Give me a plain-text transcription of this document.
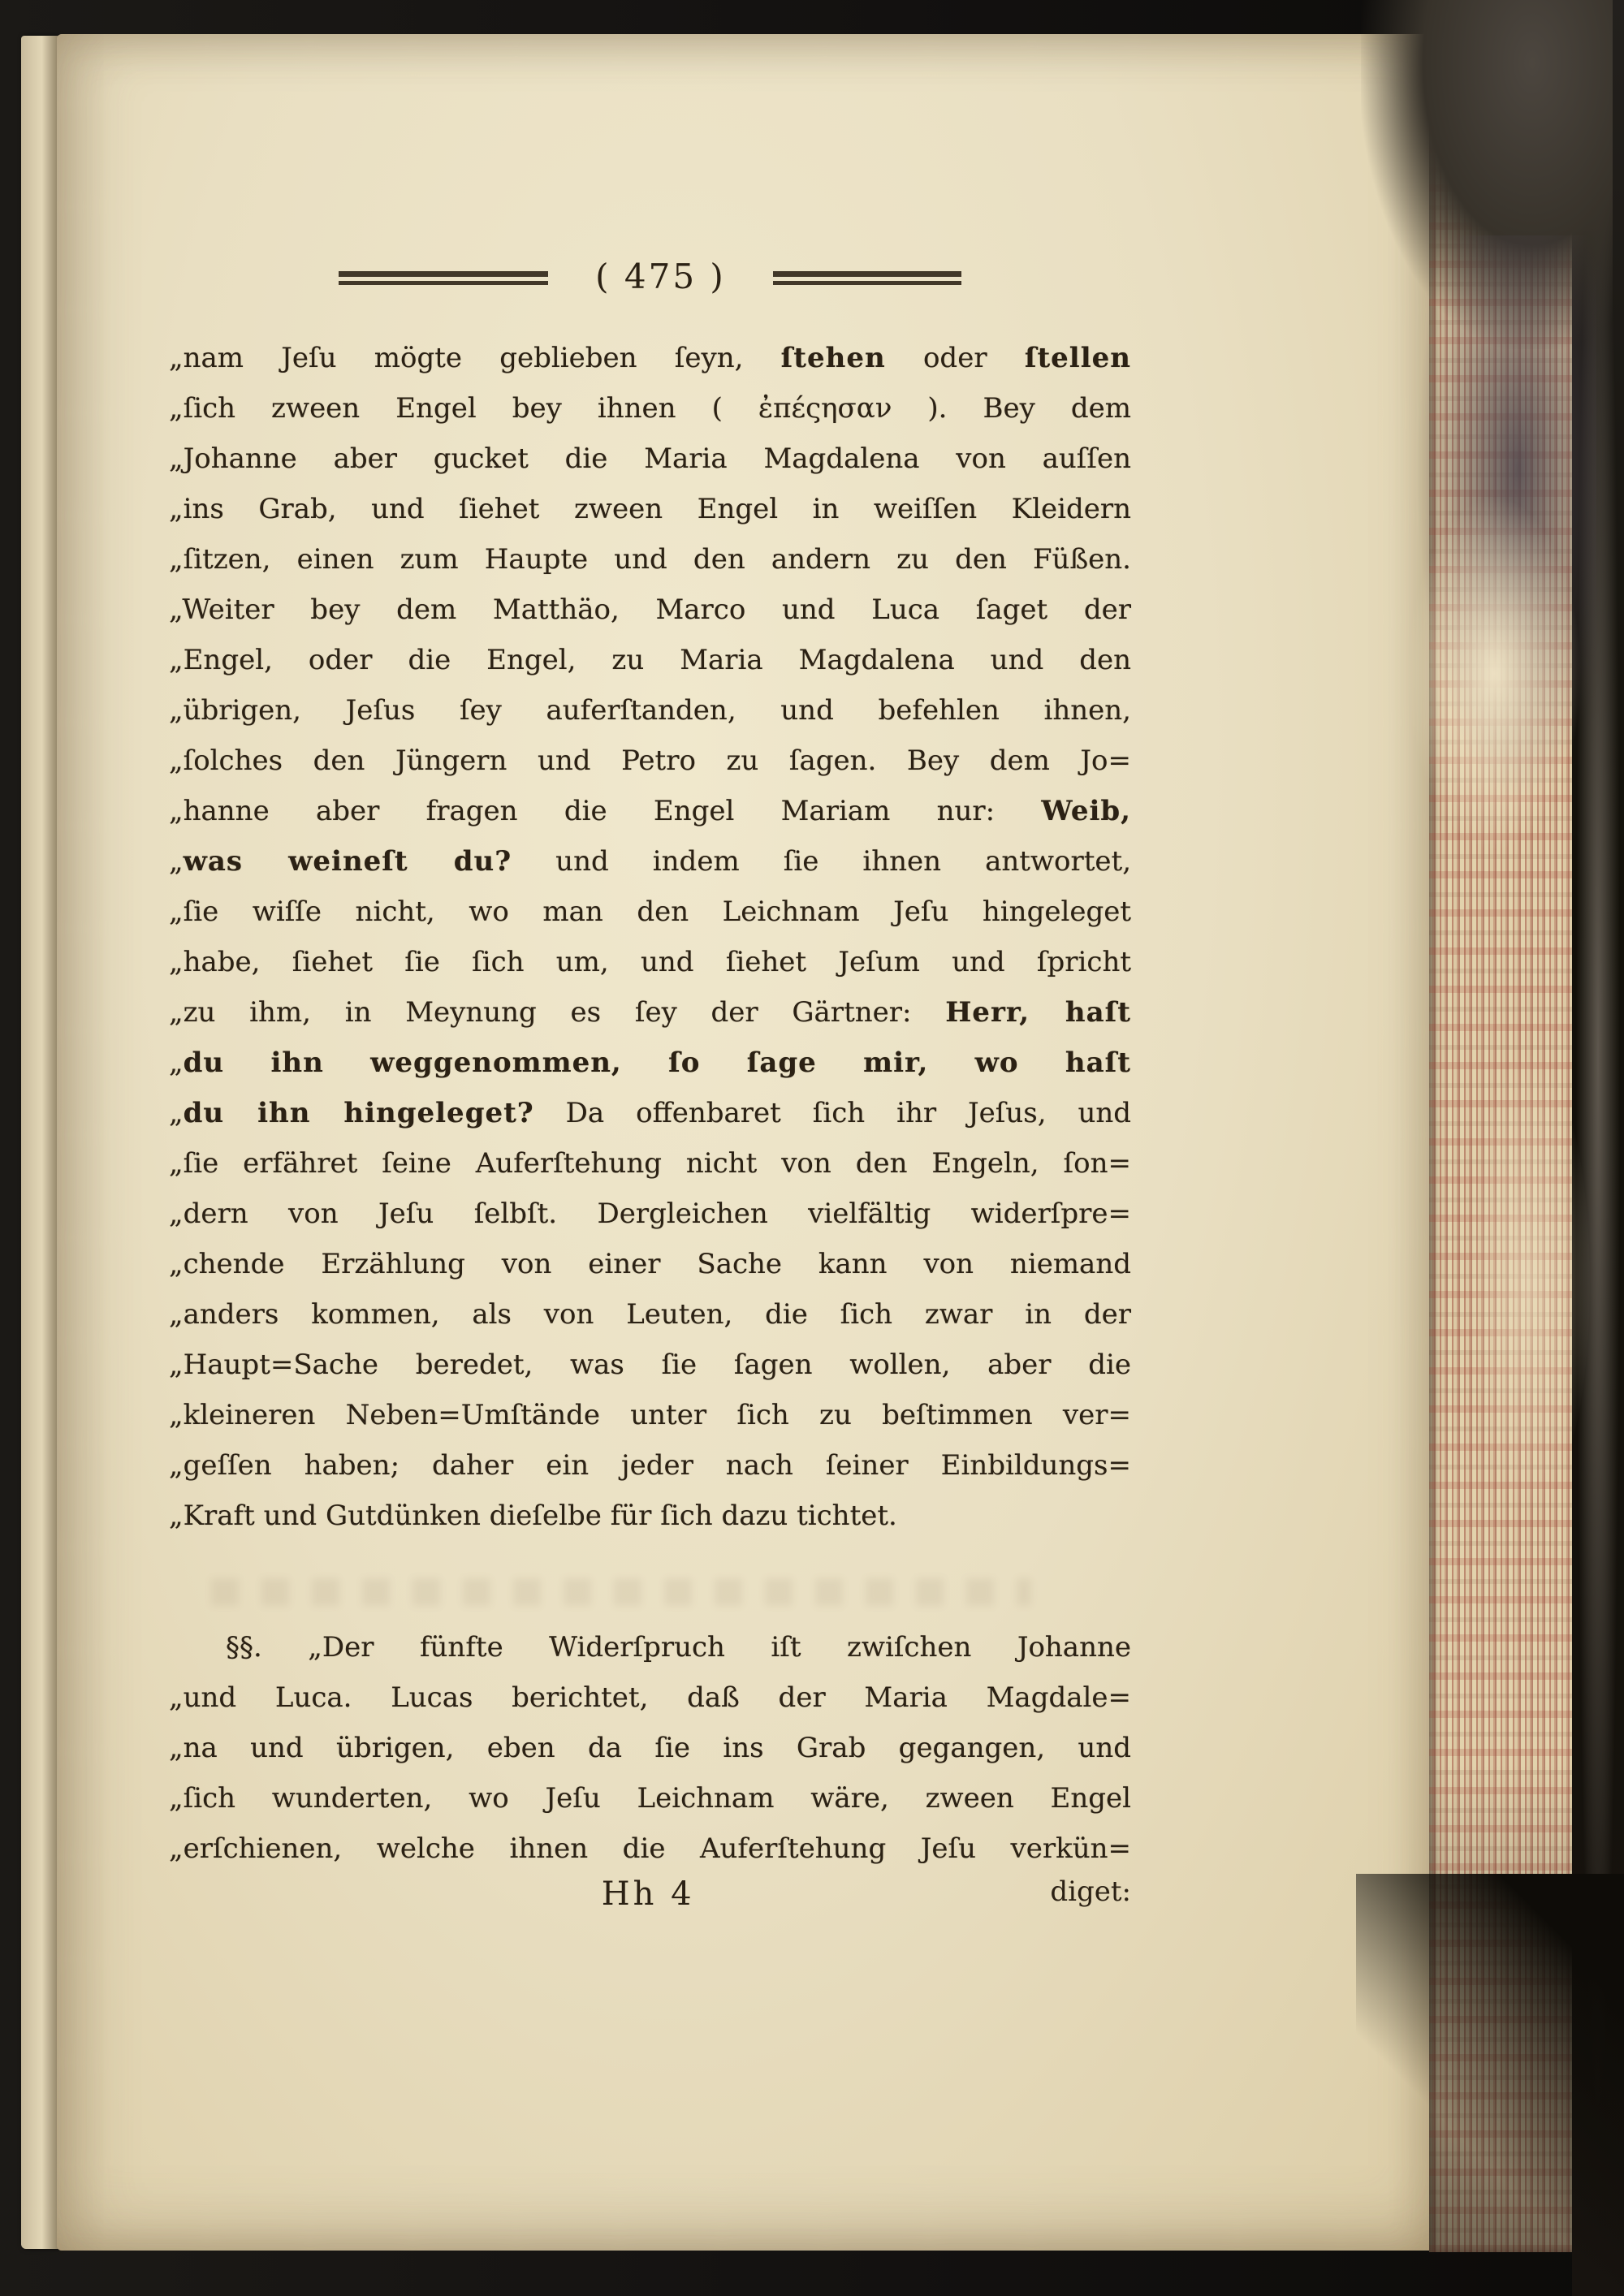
( 475 )
„nam Jeſu mögte geblieben ſeyn, ſtehen oder ſtellen
„ſich zween Engel bey ihnen ( ἐπέςησαν ). Bey dem
„Johanne aber gucket die Maria Magdalena von auſſen
„ins Grab, und ſiehet zween Engel in weiſſen Kleidern
„ſitzen, einen zum Haupte und den andern zu den Füßen.
„Weiter bey dem Matthäo, Marco und Luca ſaget der
„Engel, oder die Engel, zu Maria Magdalena und den
„übrigen, Jeſus ſey auferſtanden, und befehlen ihnen,
„ſolches den Jüngern und Petro zu ſagen. Bey dem Jo=
„hanne aber fragen die Engel Mariam nur: Weib,
„was weineſt du? und indem ſie ihnen antwortet,
„ſie wiſſe nicht, wo man den Leichnam Jeſu hingeleget
„habe, ſiehet ſie ſich um, und ſiehet Jeſum und ſpricht
„zu ihm, in Meynung es ſey der Gärtner: Herr, haſt
„du ihn weggenommen, ſo ſage mir, wo haſt
„du ihn hingeleget? Da offenbaret ſich ihr Jeſus, und
„ſie erfähret ſeine Auferſtehung nicht von den Engeln, ſon=
„dern von Jeſu ſelbſt. Dergleichen vielfältig widerſpre=
„chende Erzählung von einer Sache kann von niemand
„anders kommen, als von Leuten, die ſich zwar in der
„Haupt=Sache beredet, was ſie ſagen wollen, aber die
„kleineren Neben=Umſtände unter ſich zu beſtimmen ver=
„geſſen haben; daher ein jeder nach ſeiner Einbildungs=
„Kraft und Gutdünken dieſelbe für ſich dazu tichtet.
§§. „Der fünfte Widerſpruch iſt zwiſchen Johanne
„und Luca. Lucas berichtet, daß der Maria Magdale=
„na und übrigen, eben da ſie ins Grab gegangen, und
„ſich wunderten, wo Jeſu Leichnam wäre, zween Engel
„erſchienen, welche ihnen die Auferſtehung Jeſu verkün=
Hh 4	diget:
